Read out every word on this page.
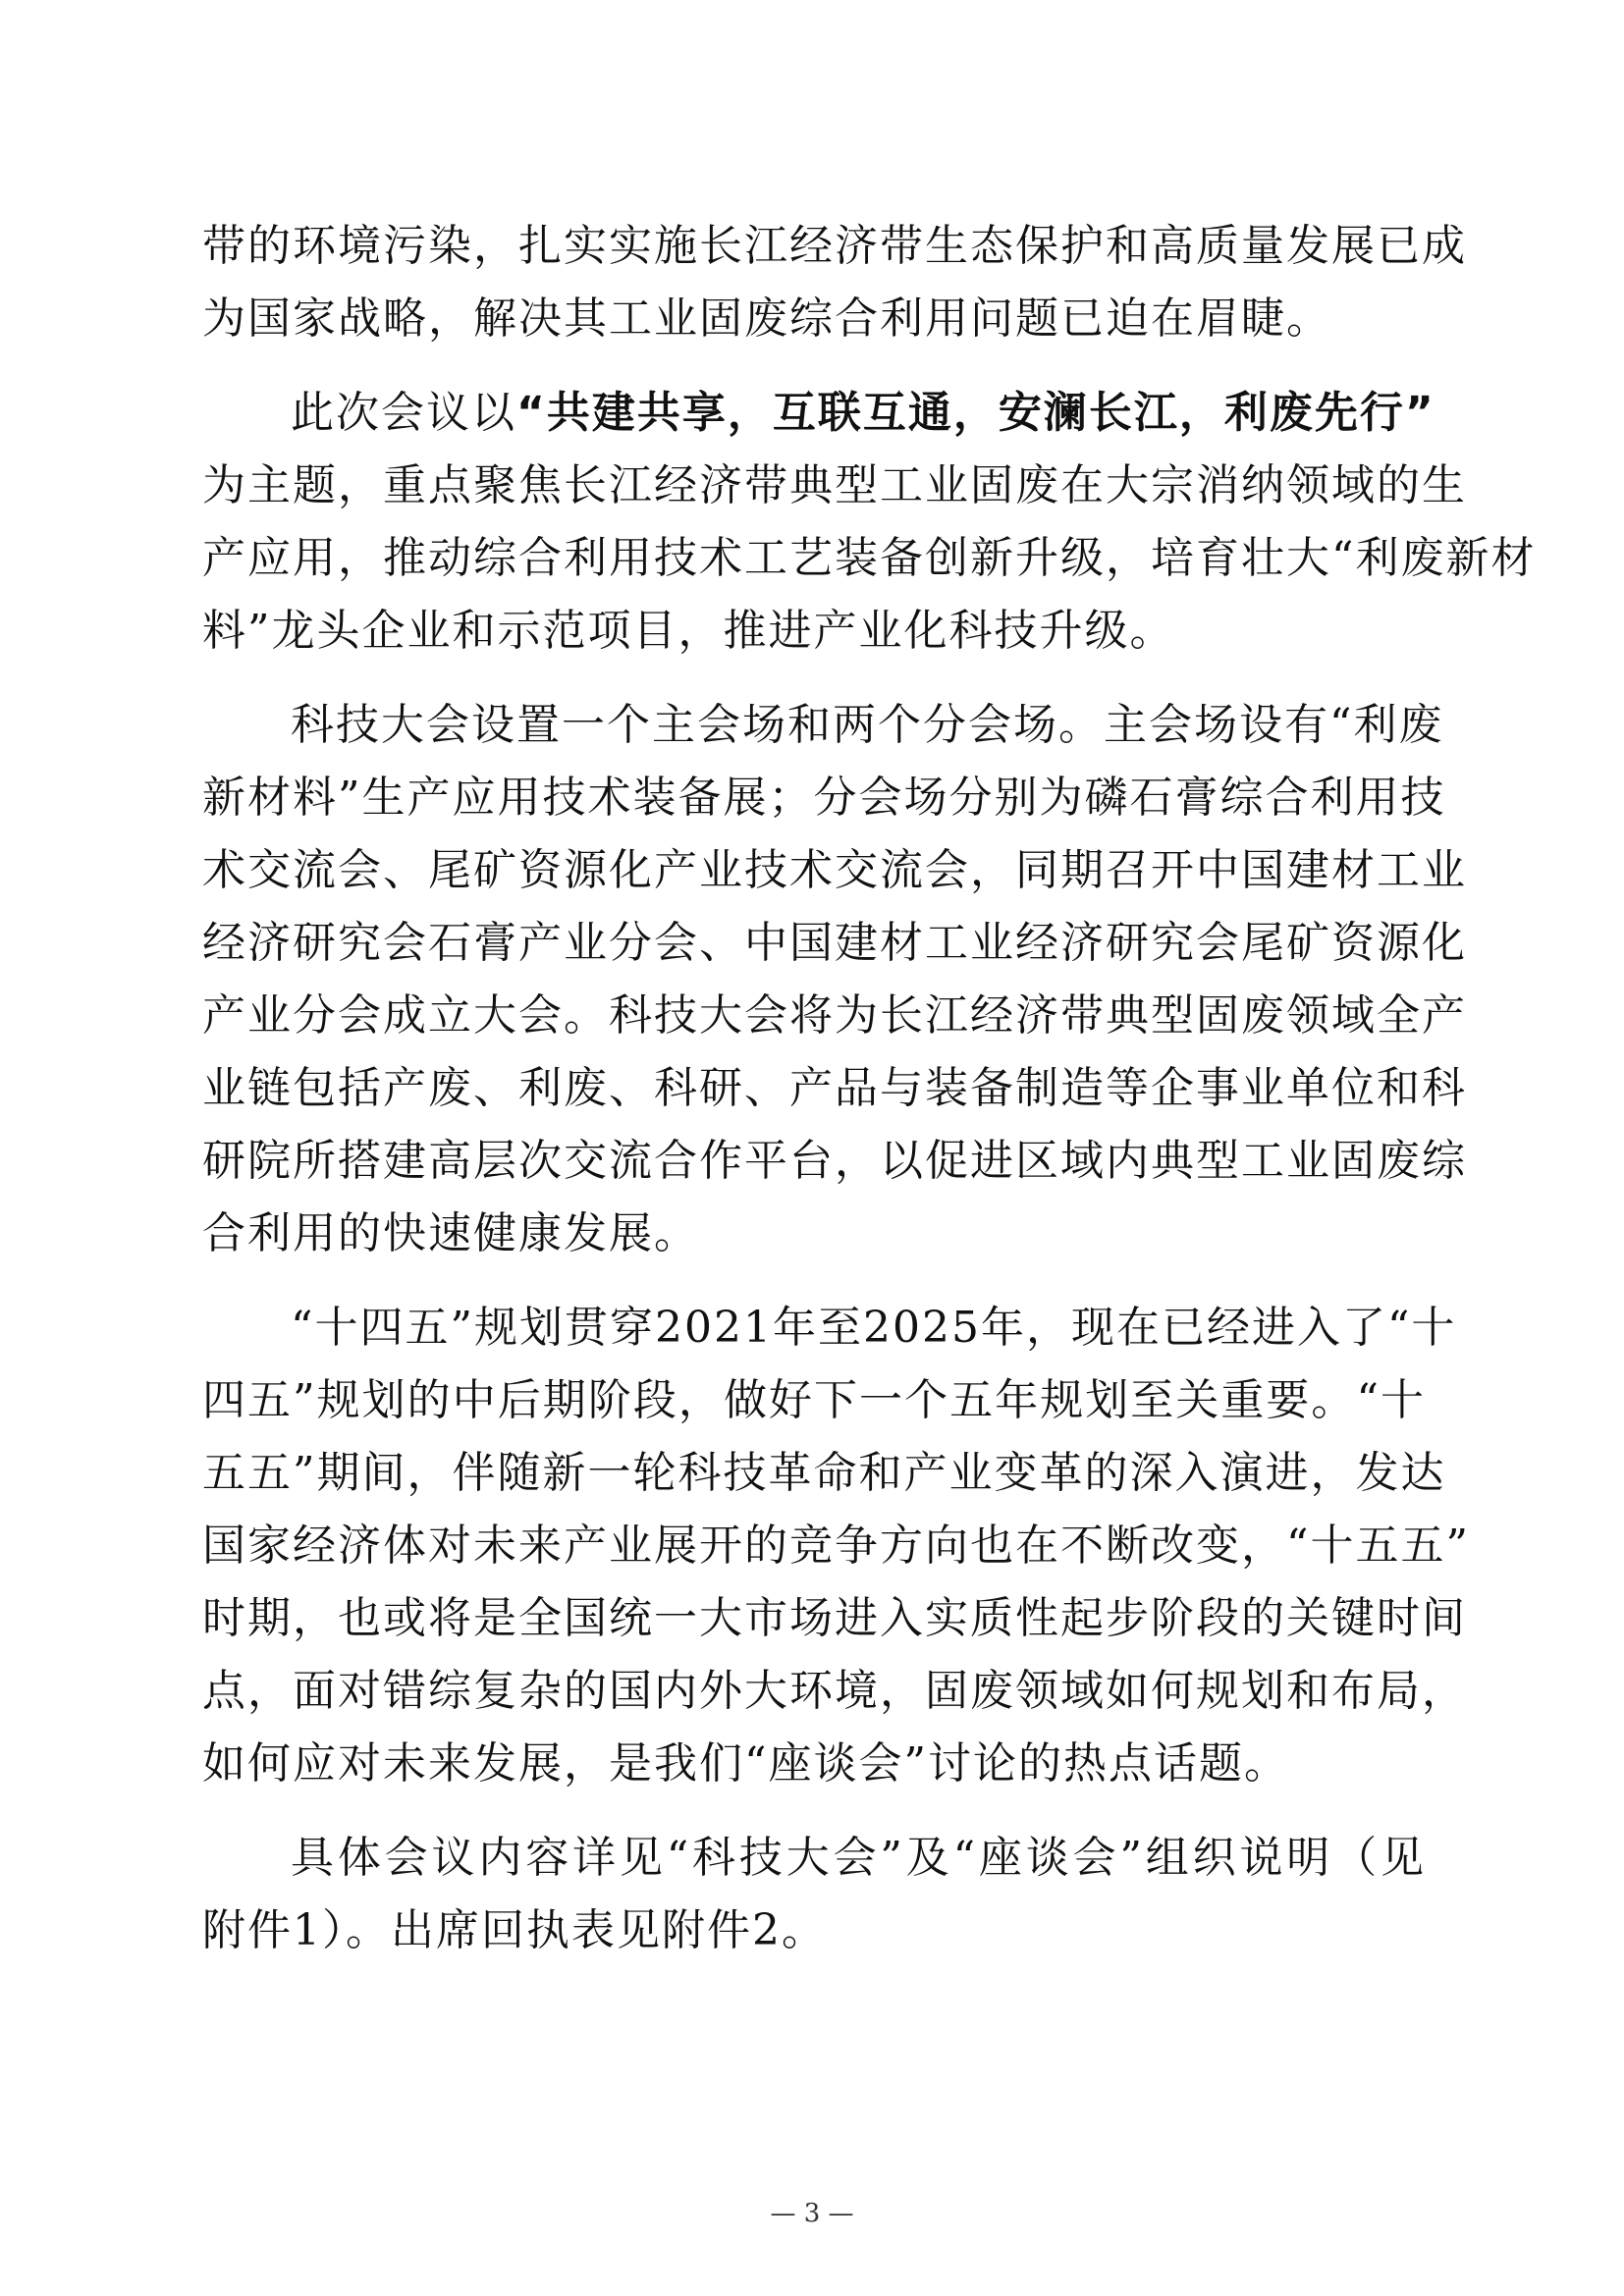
带的环境污染，扎实实施长江经济带生态保护和高质量发展已成
为国家战略，解决其工业固废综合利用问题已迫在眉睫。
此次会议以“共建共享，互联互通，安澜长江，利废先行”
为主题，重点聚焦长江经济带典型工业固废在大宗消纳领域的生
产应用，推动综合利用技术工艺装备创新升级，培育壮大“利废新材
料”龙头企业和示范项目，推进产业化科技升级。
科技大会设置一个主会场和两个分会场。主会场设有“利废
新材料”生产应用技术装备展；分会场分别为磷石膏综合利用技
术交流会、尾矿资源化产业技术交流会，同期召开中国建材工业
经济研究会石膏产业分会、中国建材工业经济研究会尾矿资源化
产业分会成立大会。科技大会将为长江经济带典型固废领域全产
业链包括产废、利废、科研、产品与装备制造等企事业单位和科
研院所搭建高层次交流合作平台，以促进区域内典型工业固废综
合利用的快速健康发展。
“十四五”规划贯穿2021年至2025年，现在已经进入了“十
四五”规划的中后期阶段，做好下一个五年规划至关重要。“十
五五”期间，伴随新一轮科技革命和产业变革的深入演进，发达
国家经济体对未来产业展开的竞争方向也在不断改变，“十五五”
时期，也或将是全国统一大市场进入实质性起步阶段的关键时间
点，面对错综复杂的国内外大环境，固废领域如何规划和布局，
如何应对未来发展，是我们“座谈会”讨论的热点话题。
具体会议内容详见“科技大会”及“座谈会”组织说明（见
附件1）。出席回执表见附件2。
— 3 —
